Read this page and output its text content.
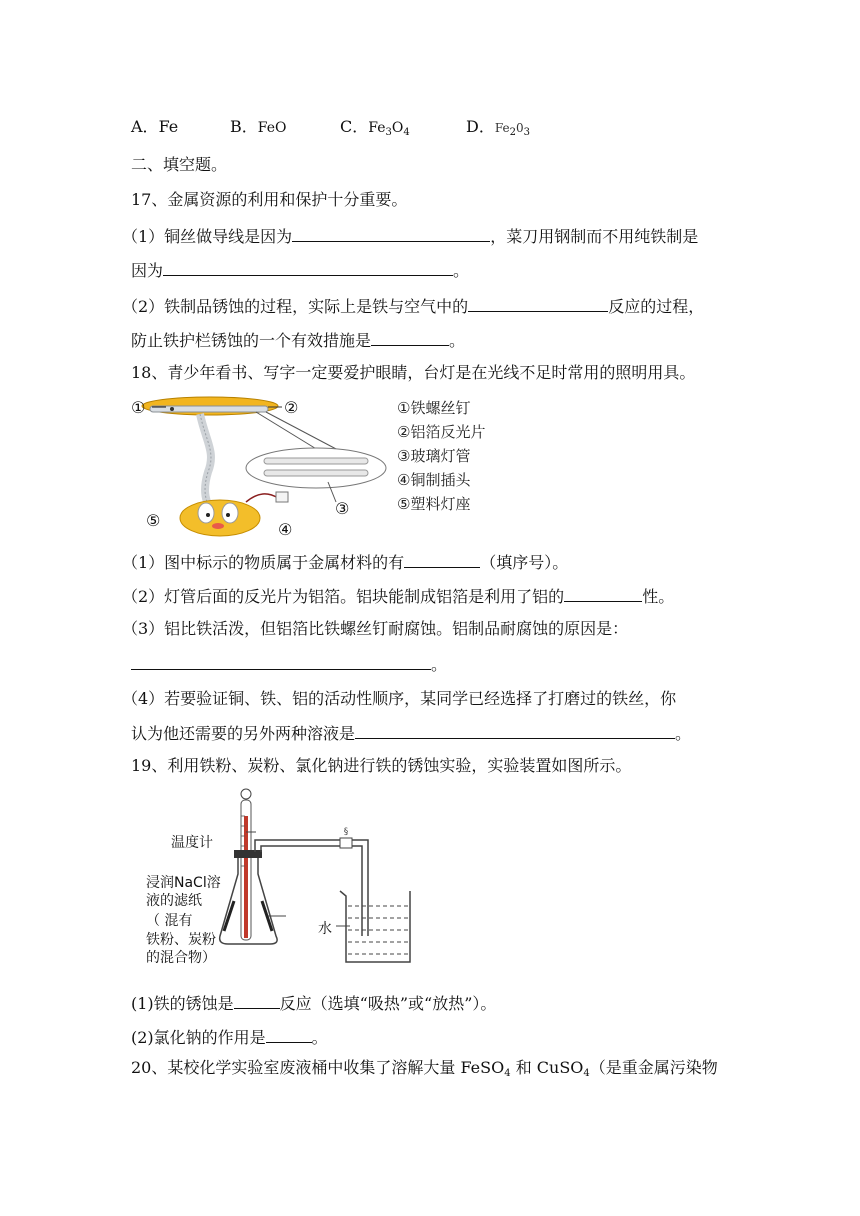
A．Fe	B．FeO	C．$Fe_3O_4$	D．$Fe_20_3$
二、填空题。
17、金属资源的利用和保护十分重要。
（1）铜丝做导线是因为	，菜刀用钢制而不用纯铁制是
因为	。
（2）铁制品锈蚀的过程，实际上是铁与空气中的	反应的过程，
防止铁护栏锈蚀的一个有效措施是	。
18、青少年看书、写字一定要爱护眼睛，台灯是在光线不足时常用的照明用具。
①	②
③
④
⑤
①铁螺丝钉
②铝箔反光片
③玻璃灯管
④铜制插头
⑤塑料灯座
（1）图中标示的物质属于金属材料的有	（填序号）。
（2）灯管后面的反光片为铝箔。铝块能制成铝箔是利用了铝的	性。
（3）铝比铁活泼，但铝箔比铁螺丝钉耐腐蚀。铝制品耐腐蚀的原因是：
。
（4）若要验证铜、铁、铝的活动性顺序，某同学已经选择了打磨过的铁丝，你
认为他还需要的另外两种溶液是	。
19、利用铁粉、炭粉、氯化钠进行铁的锈蚀实验，实验装置如图所示。
§
温度计
浸润NaCl溶
液的滤纸
（ 混有
铁粉、炭粉
的混合物）
水
(1)铁的锈蚀是	反应（选填“吸热”或“放热”）。
(2)氯化钠的作用是	。
20、某校化学实验室废液桶中收集了溶解大量 FeSO$_4$ 和 CuSO$_4$（是重金属污染物
